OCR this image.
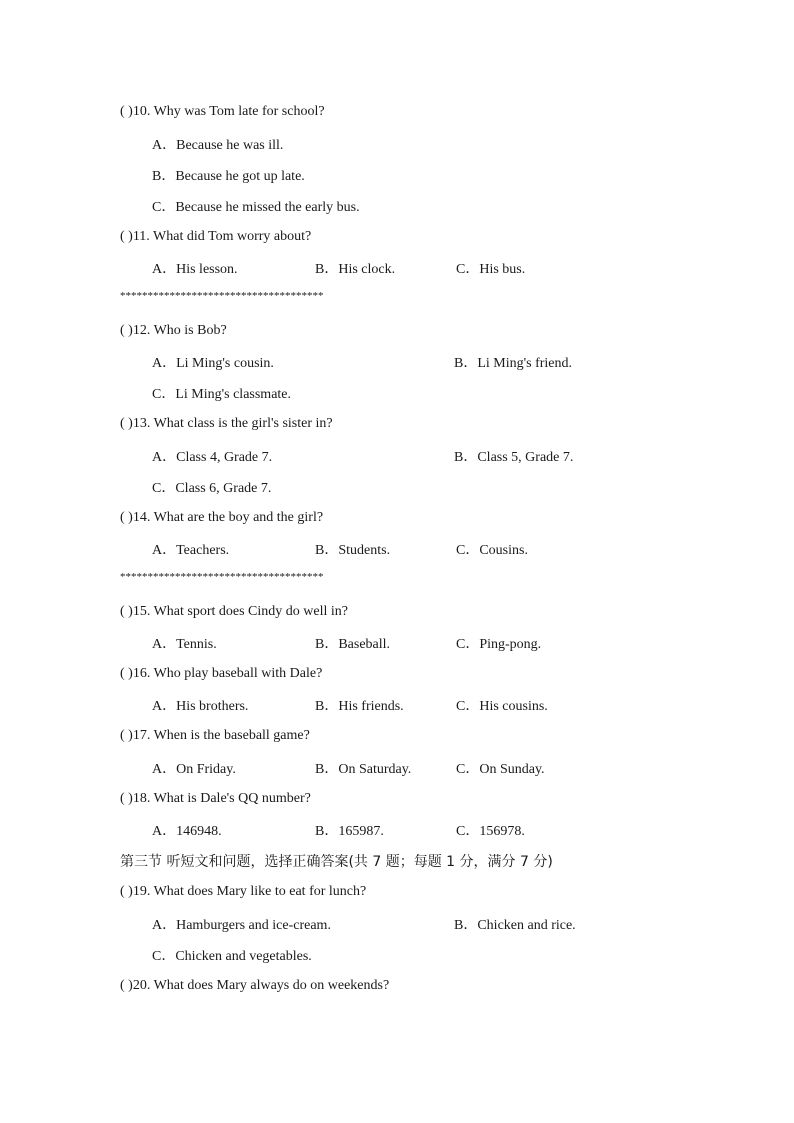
( )10. Why was Tom late for school?
A．Because he was ill.
B．Because he got up late.
C．Because he missed the early bus.
( )11. What did Tom worry about?
A．His lesson.	B．His clock.	C．His bus.
*************************************
( )12. Who is Bob?
A．Li Ming's cousin.	B．Li Ming's friend.
C．Li Ming's classmate.
( )13. What class is the girl's sister in?
A．Class 4, Grade 7.	B．Class 5, Grade 7.
C．Class 6, Grade 7.
( )14. What are the boy and the girl?
A．Teachers.	B．Students.	C．Cousins.
*************************************
( )15. What sport does Cindy do well in?
A．Tennis.	B．Baseball.	C．Ping-pong.
( )16. Who play baseball with Dale?
A．His brothers.	B．His friends.	C．His cousins.
( )17. When is the baseball game?
A．On Friday.	B．On Saturday.	C．On Sunday.
( )18. What is Dale's QQ number?
A．146948.	B．165987.	C．156978.
第三节 听短文和问题，选择正确答案(共 7 题；每题 1 分，满分 7 分)
( )19. What does Mary like to eat for lunch?
A．Hamburgers and ice-cream.	B．Chicken and rice.
C．Chicken and vegetables.
( )20. What does Mary always do on weekends?
